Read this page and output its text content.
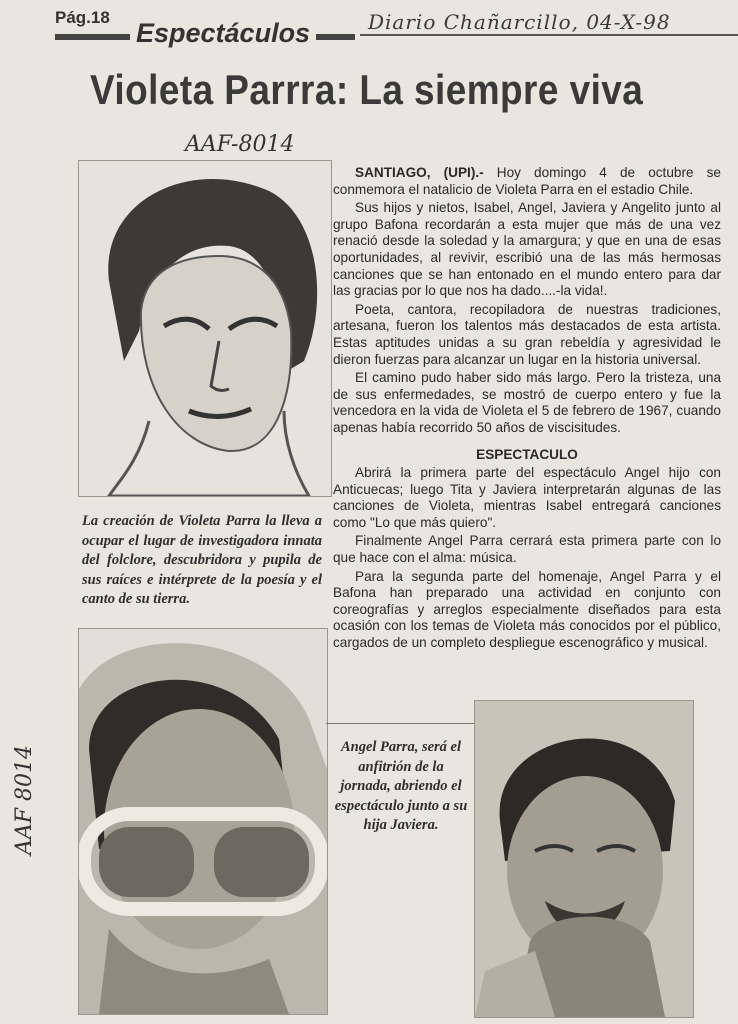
Pág.18
Espectáculos	Diario Chañarcillo, 04-X-98
Violeta Parrra: La siempre viva
AAF-8014
AAF 8014
La creación de Violeta Parra la lleva a ocupar el lugar de investigadora innata del folclore, descubridora y pupila de sus raíces e intérprete de la poesía y el canto de su tierra.

SANTIAGO, (UPI).- Hoy domingo 4 de octubre se conmemora el natalicio de Violeta Parra en el estadio Chile.

Sus hijos y nietos, Isabel, Angel, Javiera y Angelito junto al grupo Bafona recordarán a esta mujer que más de una vez renació desde la soledad y la amargura; y que en una de esas oportunidades, al revivir, escribió una de las más hermosas canciones que se han entonado en el mundo entero para dar las gracias por lo que nos ha dado....-la vida!.

Poeta, cantora, recopiladora de nuestras tradiciones, artesana, fueron los talentos más destacados de esta artista. Estas aptitudes unidas a su gran rebeldía y agresividad le dieron fuerzas para alcanzar un lugar en la historia universal.

El camino pudo haber sido más largo. Pero la tristeza, una de sus enfermedades, se mostró de cuerpo entero y fue la vencedora en la vida de Violeta el 5 de febrero de 1967, cuando apenas había recorrido 50 años de viscisitudes.

ESPECTACULO

Abrirá la primera parte del espectáculo Angel hijo con Anticuecas; luego Tita y Javiera interpretarán algunas de las canciones de Violeta, mientras Isabel entregará canciones como "Lo que más quiero".

Finalmente Angel Parra cerrará esta primera parte con lo que hace con el alma: música.

Para la segunda parte del homenaje, Angel Parra y el Bafona han preparado una actividad en conjunto con coreografías y arreglos especialmente diseñados para esta ocasión con los temas de Violeta más conocidos por el público, cargados de un completo despliegue escenográfico y musical.

Angel Parra, será el anfitrión de la jornada, abriendo el espectáculo junto a su hija Javiera.
